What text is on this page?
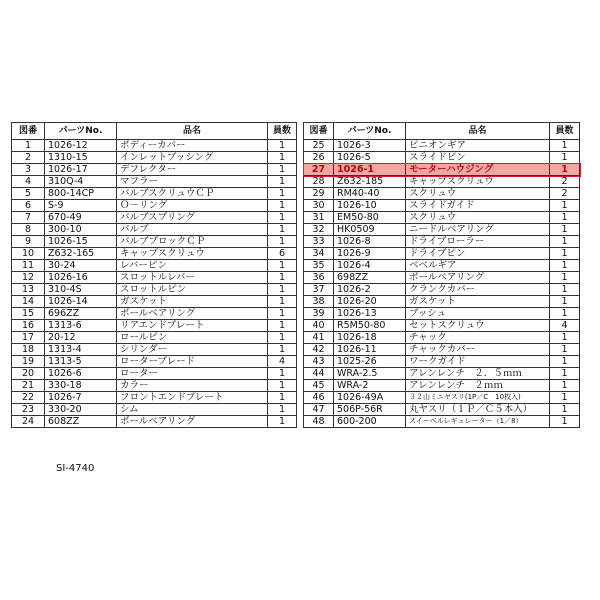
図番	パーツNo.	品名	員数
1	1026-12	ボディーカバー	1
2	1310-15	インレットブッシング	1
3	1026-17	デフレクター	1
4	310Q-4	マフラー	1
5	800-14CP	バルブスクリュウＣＰ	1
6	S-9	Ｏ－リング	1
7	670-49	バルブスプリング	1
8	300-10	バルブ	1
9	1026-15	バルブブロックＣＰ	1
10	Z632-165	キャップスクリュウ	6
11	30-24	レバーピン	1
12	1026-16	スロットルレバー	1
13	310-4S	スロットルピン	1
14	1026-14	ガスケット	1
15	696ZZ	ボールベアリング	1
16	1313-6	リアエンドプレート	1
17	20-12	ロールピン	1
18	1313-4	シリンダー	1
19	1313-5	ローターブレード	4
20	1026-6	ローター	1
21	330-18	カラー	1
22	1026-7	フロントエンドプレート	1
23	330-20	シム	1
24	608ZZ	ボールベアリング	1
図番	パーツNo.	品名	員数
25	1026-3	ピニオンギア	1
26	1026-5	スライドピン	1
27	1026-1	モーターハウジング	1
28	Z632-185	キャップスクリュウ	2
29	RM40-40	スクリュウ	2
30	1026-10	スライドガイド	1
31	EM50-80	スクリュウ	1
32	HK0509	ニードルベアリング	1
33	1026-8	ドライブローラー	1
34	1026-9	ドライブピン	1
35	1026-4	ベベルギア	1
36	698ZZ	ボールベアリング	1
37	1026-2	クランクカバー	1
38	1026-20	ガスケット	1
39	1026-13	ブッシュ	1
40	R5M50-80	セットスクリュウ	4
41	1026-18	チャック	1
42	1026-11	チャックカバー	1
43	1025-26	ワークガイド	1
44	WRA-2.5	アレンレンチ　２．５ｍｍ	1
45	WRA-2	アレンレンチ　２ｍｍ	1
46	1026-49A	３２山ミニヤスリ(1P／C　10枚入)	1
47	506P-56R	丸ヤスリ（１Ｐ／Ｃ５本入）	1
48	600-200	スイーベルレギュレーター（1／8）	1
SI-4740
